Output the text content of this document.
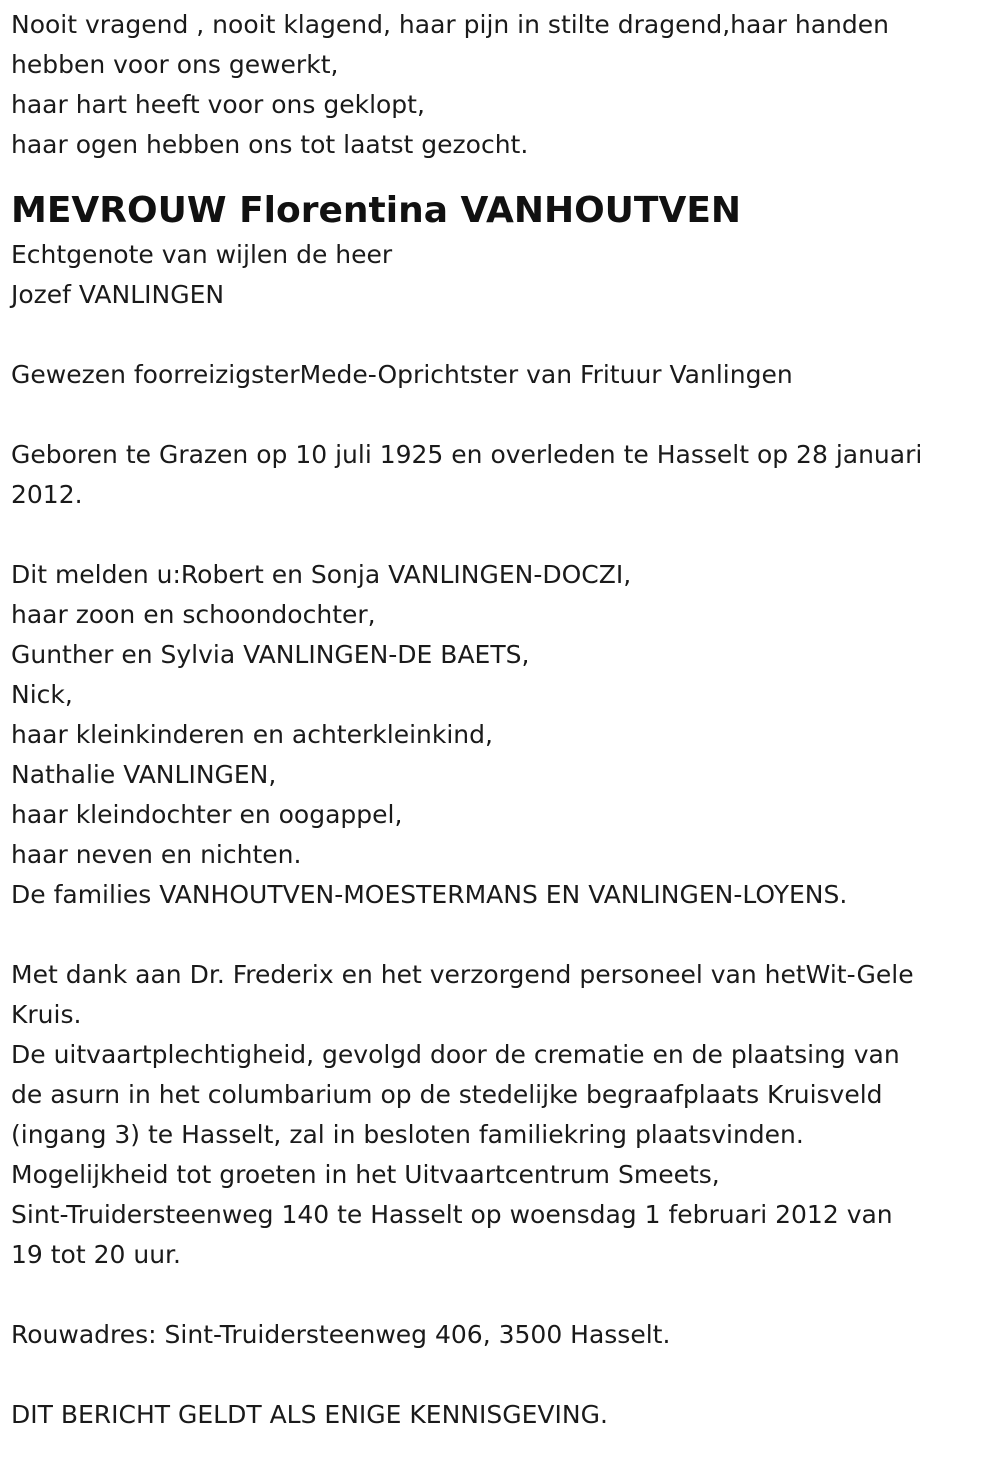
Nooit vragend , nooit klagend, haar pijn in stilte dragend,haar handen

hebben voor ons gewerkt,

haar hart heeft voor ons geklopt,

haar ogen hebben ons tot laatst gezocht.

MEVROUW Florentina VANHOUTVEN

Echtgenote van wijlen de heer

Jozef VANLINGEN

Gewezen foorreizigsterMede-Oprichtster van Frituur Vanlingen

Geboren te Grazen op 10 juli 1925 en overleden te Hasselt op 28 januari

2012.

Dit melden u:Robert en Sonja VANLINGEN-DOCZI,

haar zoon en schoondochter,

Gunther en Sylvia VANLINGEN-DE BAETS,

Nick,

haar kleinkinderen en achterkleinkind,

Nathalie VANLINGEN,

haar kleindochter en oogappel,

haar neven en nichten.

De families VANHOUTVEN-MOESTERMANS EN VANLINGEN-LOYENS.

Met dank aan Dr. Frederix en het verzorgend personeel van hetWit-Gele

Kruis.

De uitvaartplechtigheid, gevolgd door de crematie en de plaatsing van

de asurn in het columbarium op de stedelijke begraafplaats Kruisveld

(ingang 3) te Hasselt, zal in besloten familiekring plaatsvinden.

Mogelijkheid tot groeten in het Uitvaartcentrum Smeets,

Sint-Truidersteenweg 140 te Hasselt op woensdag 1 februari 2012 van

19 tot 20 uur.

Rouwadres: Sint-Truidersteenweg 406, 3500 Hasselt.

DIT BERICHT GELDT ALS ENIGE KENNISGEVING.
